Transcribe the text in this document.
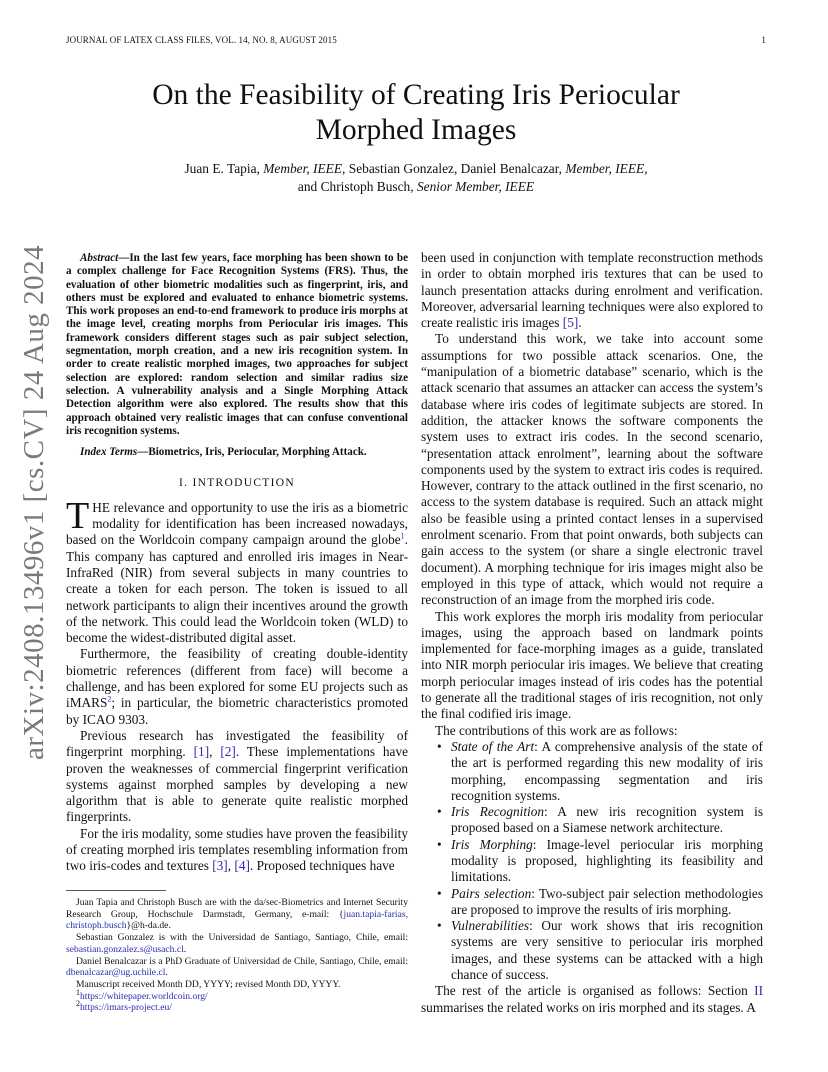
JOURNAL OF LATEX CLASS FILES, VOL. 14, NO. 8, AUGUST 2015	1
arXiv:2408.13496v1 [cs.CV] 24 Aug 2024
On the Feasibility of Creating Iris Periocular
Morphed Images
Juan E. Tapia, Member, IEEE, Sebastian Gonzalez, Daniel Benalcazar, Member, IEEE,
and Christoph Busch, Senior Member, IEEE

Abstract—In the last few years, face morphing has been shown to be a complex challenge for Face Recognition Systems (FRS). Thus, the evaluation of other biometric modalities such as fingerprint, iris, and others must be explored and evaluated to enhance biometric systems. This work proposes an end-to-end framework to produce iris morphs at the image level, creating morphs from Periocular iris images. This framework considers different stages such as pair subject selection, segmentation, morph creation, and a new iris recognition system. In order to create realistic morphed images, two approaches for subject selection are explored: random selection and similar radius size selection. A vulnerability analysis and a Single Morphing Attack Detection algorithm were also explored. The results show that this approach obtained very realistic images that can confuse conventional iris recognition systems.

Index Terms—Biometrics, Iris, Periocular, Morphing Attack.

I. INTRODUCTION

THE relevance and opportunity to use the iris as a biometric modality for identification has been increased nowadays, based on the Worldcoin company campaign around the globe$^1$. This company has captured and enrolled iris images in Near-InfraRed (NIR) from several subjects in many countries to create a token for each person. The token is issued to all network participants to align their incentives around the growth of the network. This could lead the Worldcoin token (WLD) to become the widest-distributed digital asset.

Furthermore, the feasibility of creating double-identity biometric references (different from face) will become a challenge, and has been explored for some EU projects such as iMARS$^2$; in particular, the biometric characteristics promoted by ICAO 9303.

Previous research has investigated the feasibility of fingerprint morphing. [1], [2]. These implementations have proven the weaknesses of commercial fingerprint verification systems against morphed samples by developing a new algorithm that is able to generate quite realistic morphed fingerprints.

For the iris modality, some studies have proven the feasibility of creating morphed iris templates resembling information from two iris-codes and textures [3], [4]. Proposed techniques have

Juan Tapia and Christoph Busch are with the da/sec-Biometrics and Internet Security Research Group, Hochschule Darmstadt, Germany, e-mail: {juan.tapia-farias, christoph.busch}@h-da.de.

Sebastian Gonzalez is with the Universidad de Santiago, Santiago, Chile, email: sebastian.gonzalez.s@usach.cl.

Daniel Benalcazar is a PhD Graduate of Universidad de Chile, Santiago, Chile, email: dbenalcazar@ug.uchile.cl.

Manuscript received Month DD, YYYY; revised Month DD, YYYY.

$^1$https://whitepaper.worldcoin.org/

$^2$https://imars-project.eu/

been used in conjunction with template reconstruction methods in order to obtain morphed iris textures that can be used to launch presentation attacks during enrolment and verification. Moreover, adversarial learning techniques were also explored to create realistic iris images [5].

To understand this work, we take into account some assumptions for two possible attack scenarios. One, the “manipulation of a biometric database” scenario, which is the attack scenario that assumes an attacker can access the system’s database where iris codes of legitimate subjects are stored. In addition, the attacker knows the software components the system uses to extract iris codes. In the second scenario, “presentation attack enrolment”, learning about the software components used by the system to extract iris codes is required. However, contrary to the attack outlined in the first scenario, no access to the system database is required. Such an attack might also be feasible using a printed contact lenses in a supervised enrolment scenario. From that point onwards, both subjects can gain access to the system (or share a single electronic travel document). A morphing technique for iris images might also be employed in this type of attack, which would not require a reconstruction of an image from the morphed iris code.

This work explores the morph iris modality from periocular images, using the approach based on landmark points implemented for face-morphing images as a guide, translated into NIR morph periocular iris images. We believe that creating morph periocular images instead of iris codes has the potential to generate all the traditional stages of iris recognition, not only the final codified iris image.

The contributions of this work are as follows:

• State of the Art: A comprehensive analysis of the state of the art is performed regarding this new modality of iris morphing, encompassing segmentation and iris recognition systems.
• Iris Recognition: A new iris recognition system is proposed based on a Siamese network architecture.
• Iris Morphing: Image-level periocular iris morphing modality is proposed, highlighting its feasibility and limitations.
• Pairs selection: Two-subject pair selection methodologies are proposed to improve the results of iris morphing.
• Vulnerabilities: Our work shows that iris recognition systems are very sensitive to periocular iris morphed images, and these systems can be attacked with a high chance of success.

The rest of the article is organised as follows: Section II summarises the related works on iris morphed and its stages. A
